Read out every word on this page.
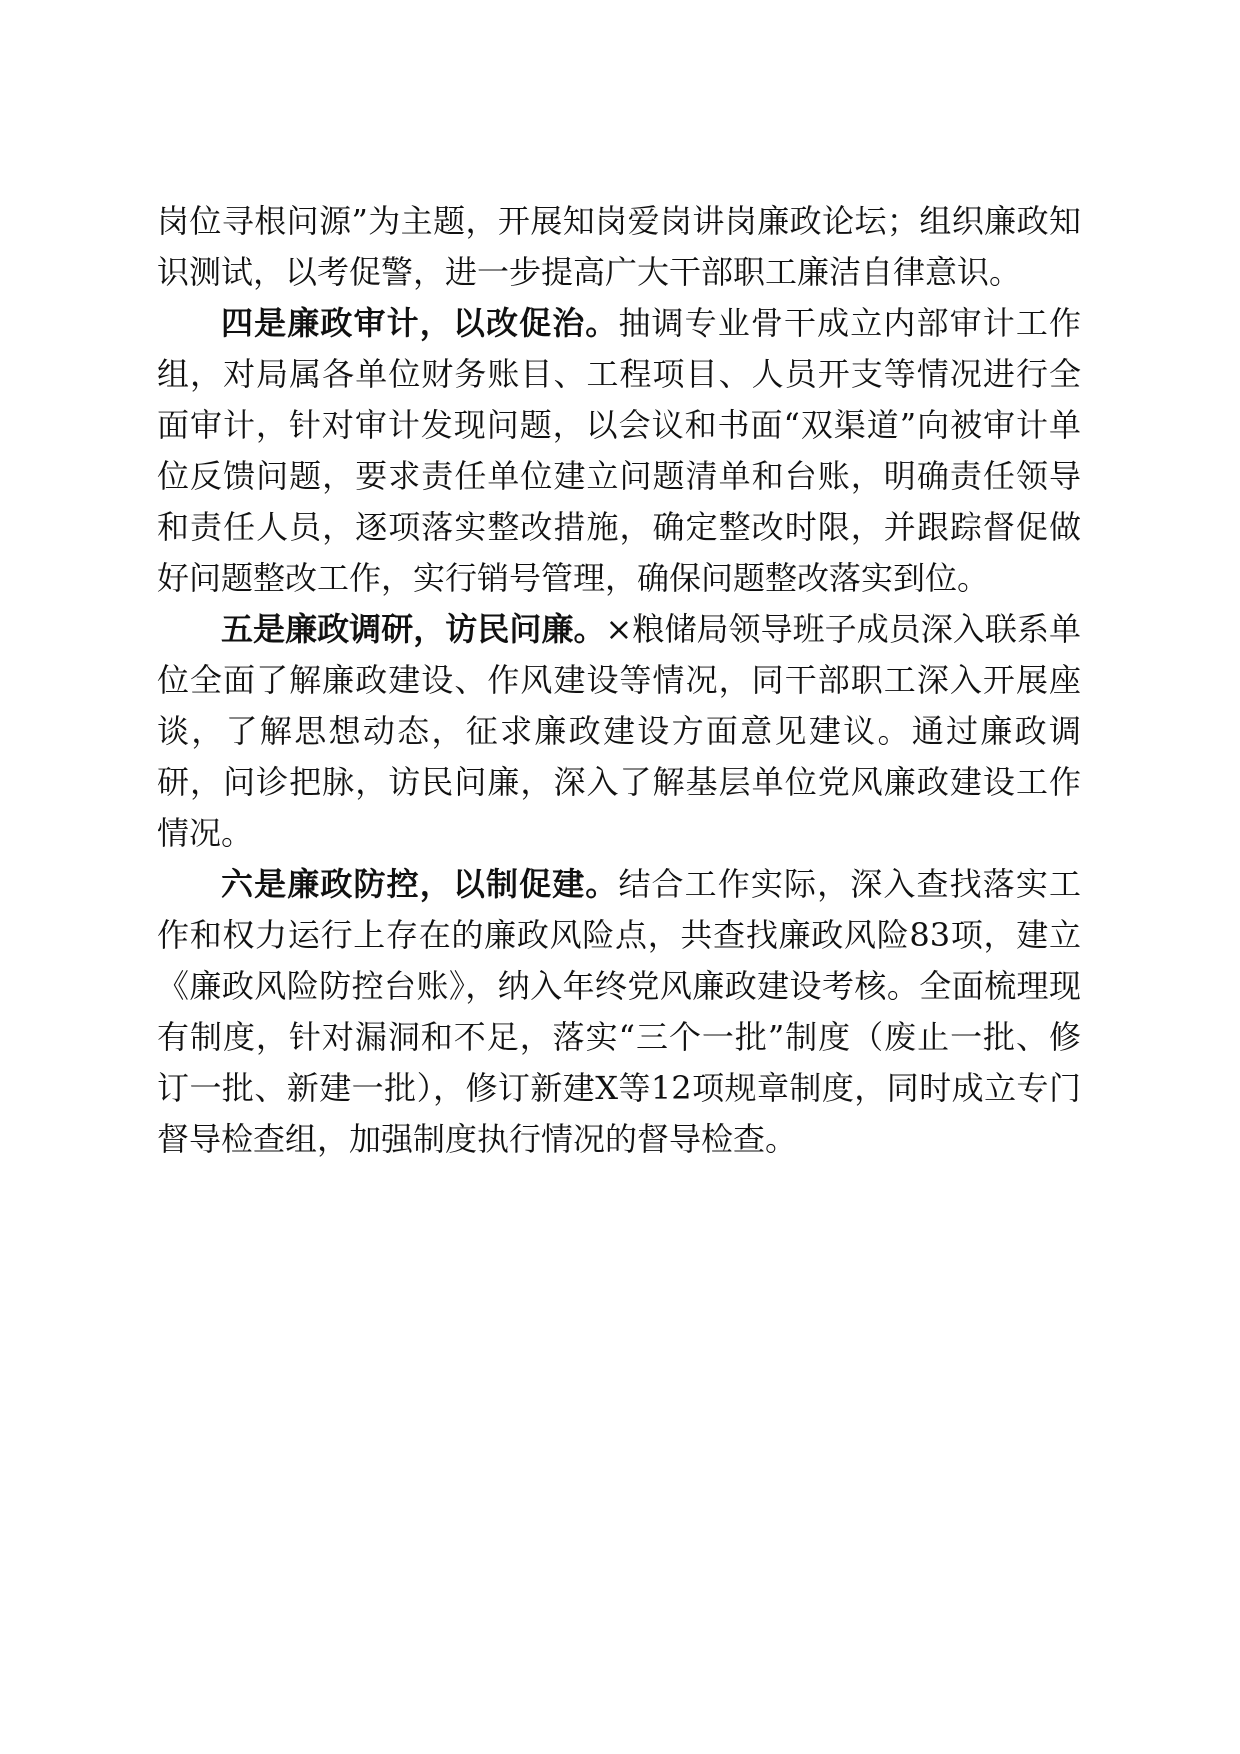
岗位寻根问源”为主题，开展知岗爱岗讲岗廉政论坛；组织廉政知识测试，以考促警，进一步提高广大干部职工廉洁自律意识。

四是廉政审计，以改促治。抽调专业骨干成立内部审计工作组，对局属各单位财务账目、工程项目、人员开支等情况进行全面审计，针对审计发现问题，以会议和书面“双渠道”向被审计单位反馈问题，要求责任单位建立问题清单和台账，明确责任领导和责任人员，逐项落实整改措施，确定整改时限，并跟踪督促做好问题整改工作，实行销号管理，确保问题整改落实到位。

五是廉政调研，访民问廉。×粮储局领导班子成员深入联系单位全面了解廉政建设、作风建设等情况，同干部职工深入开展座谈，了解思想动态，征求廉政建设方面意见建议。通过廉政调研，问诊把脉，访民问廉，深入了解基层单位党风廉政建设工作情况。

六是廉政防控，以制促建。结合工作实际，深入查找落实工作和权力运行上存在的廉政风险点，共查找廉政风险83项，建立《廉政风险防控台账》，纳入年终党风廉政建设考核。全面梳理现有制度，针对漏洞和不足，落实“三个一批”制度（废止一批、修订一批、新建一批），修订新建X等12项规章制度，同时成立专门督导检查组，加强制度执行情况的督导检查。
